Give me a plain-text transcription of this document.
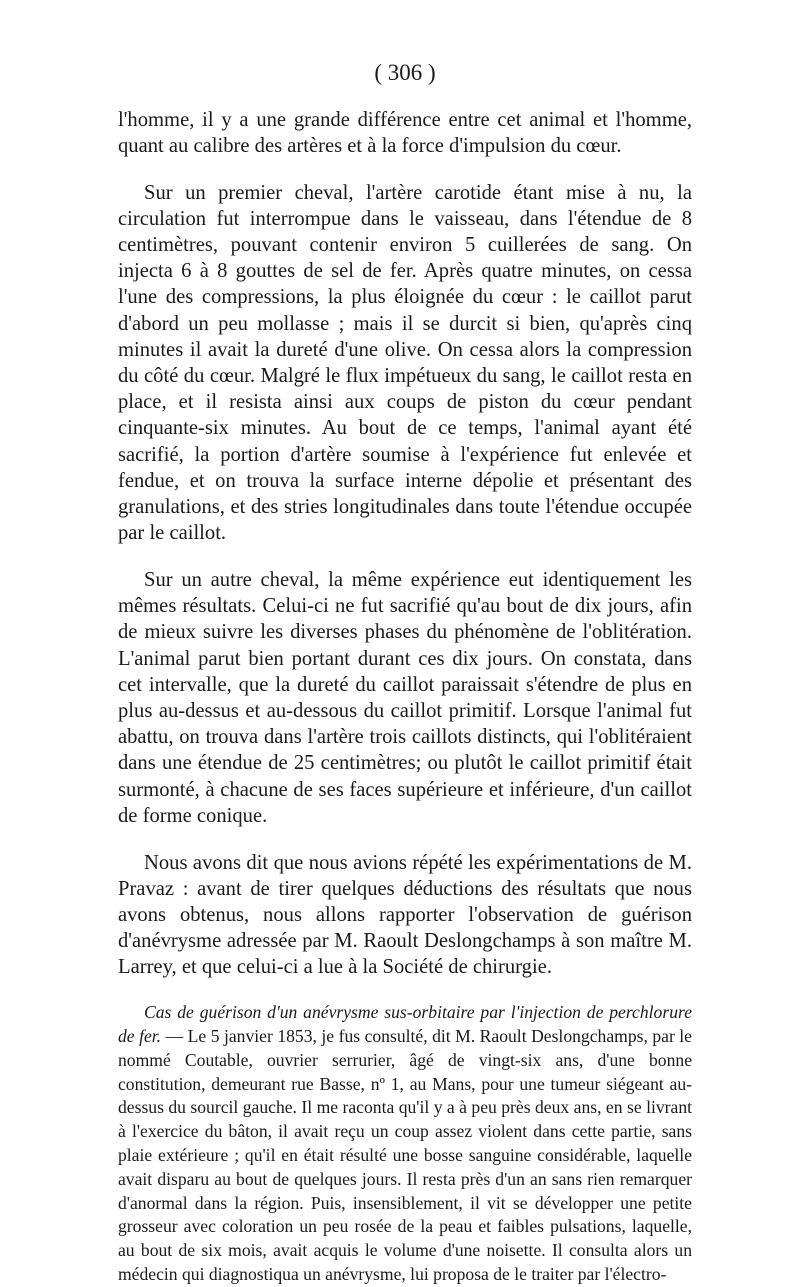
( 306 )

l'homme, il y a une grande différence entre cet animal et l'homme, quant au calibre des artères et à la force d'impulsion du cœur.

Sur un premier cheval, l'artère carotide étant mise à nu, la circulation fut interrompue dans le vaisseau, dans l'étendue de 8 centimètres, pouvant contenir environ 5 cuillerées de sang. On injecta 6 à 8 gouttes de sel de fer. Après quatre minutes, on cessa l'une des compressions, la plus éloignée du cœur : le caillot parut d'abord un peu mollasse ; mais il se durcit si bien, qu'après cinq minutes il avait la dureté d'une olive. On cessa alors la compression du côté du cœur. Malgré le flux impétueux du sang, le caillot resta en place, et il resista ainsi aux coups de piston du cœur pendant cinquante-six minutes. Au bout de ce temps, l'animal ayant été sacrifié, la portion d'artère soumise à l'expérience fut enlevée et fendue, et on trouva la surface interne dépolie et présentant des granulations, et des stries longitudinales dans toute l'étendue occupée par le caillot.

Sur un autre cheval, la même expérience eut identiquement les mêmes résultats. Celui-ci ne fut sacrifié qu'au bout de dix jours, afin de mieux suivre les diverses phases du phénomène de l'oblitération. L'animal parut bien portant durant ces dix jours. On constata, dans cet intervalle, que la dureté du caillot paraissait s'étendre de plus en plus au-dessus et au-dessous du caillot primitif. Lorsque l'animal fut abattu, on trouva dans l'artère trois caillots distincts, qui l'oblitéraient dans une étendue de 25 centimètres; ou plutôt le caillot primitif était surmonté, à chacune de ses faces supérieure et inférieure, d'un caillot de forme conique.

Nous avons dit que nous avions répété les expérimentations de M. Pravaz : avant de tirer quelques déductions des résultats que nous avons obtenus, nous allons rapporter l'observation de guérison d'anévrysme adressée par M. Raoult Deslongchamps à son maître M. Larrey, et que celui-ci a lue à la Société de chirurgie.

Cas de guérison d'un anévrysme sus-orbitaire par l'injection de perchlorure de fer. — Le 5 janvier 1853, je fus consulté, dit M. Raoult Deslongchamps, par le nommé Coutable, ouvrier serrurier, âgé de vingt-six ans, d'une bonne constitution, demeurant rue Basse, nº 1, au Mans, pour une tumeur siégeant au-dessus du sourcil gauche. Il me raconta qu'il y a à peu près deux ans, en se livrant à l'exercice du bâton, il avait reçu un coup assez violent dans cette partie, sans plaie extérieure ; qu'il en était résulté une bosse sanguine considérable, laquelle avait disparu au bout de quelques jours. Il resta près d'un an sans rien remarquer d'anormal dans la région. Puis, insensiblement, il vit se développer une petite grosseur avec coloration un peu rosée de la peau et faibles pulsations, laquelle, au bout de six mois, avait acquis le volume d'une noisette. Il consulta alors un médecin qui diagnostiqua un anévrysme, lui proposa de le traiter par l'électro-
